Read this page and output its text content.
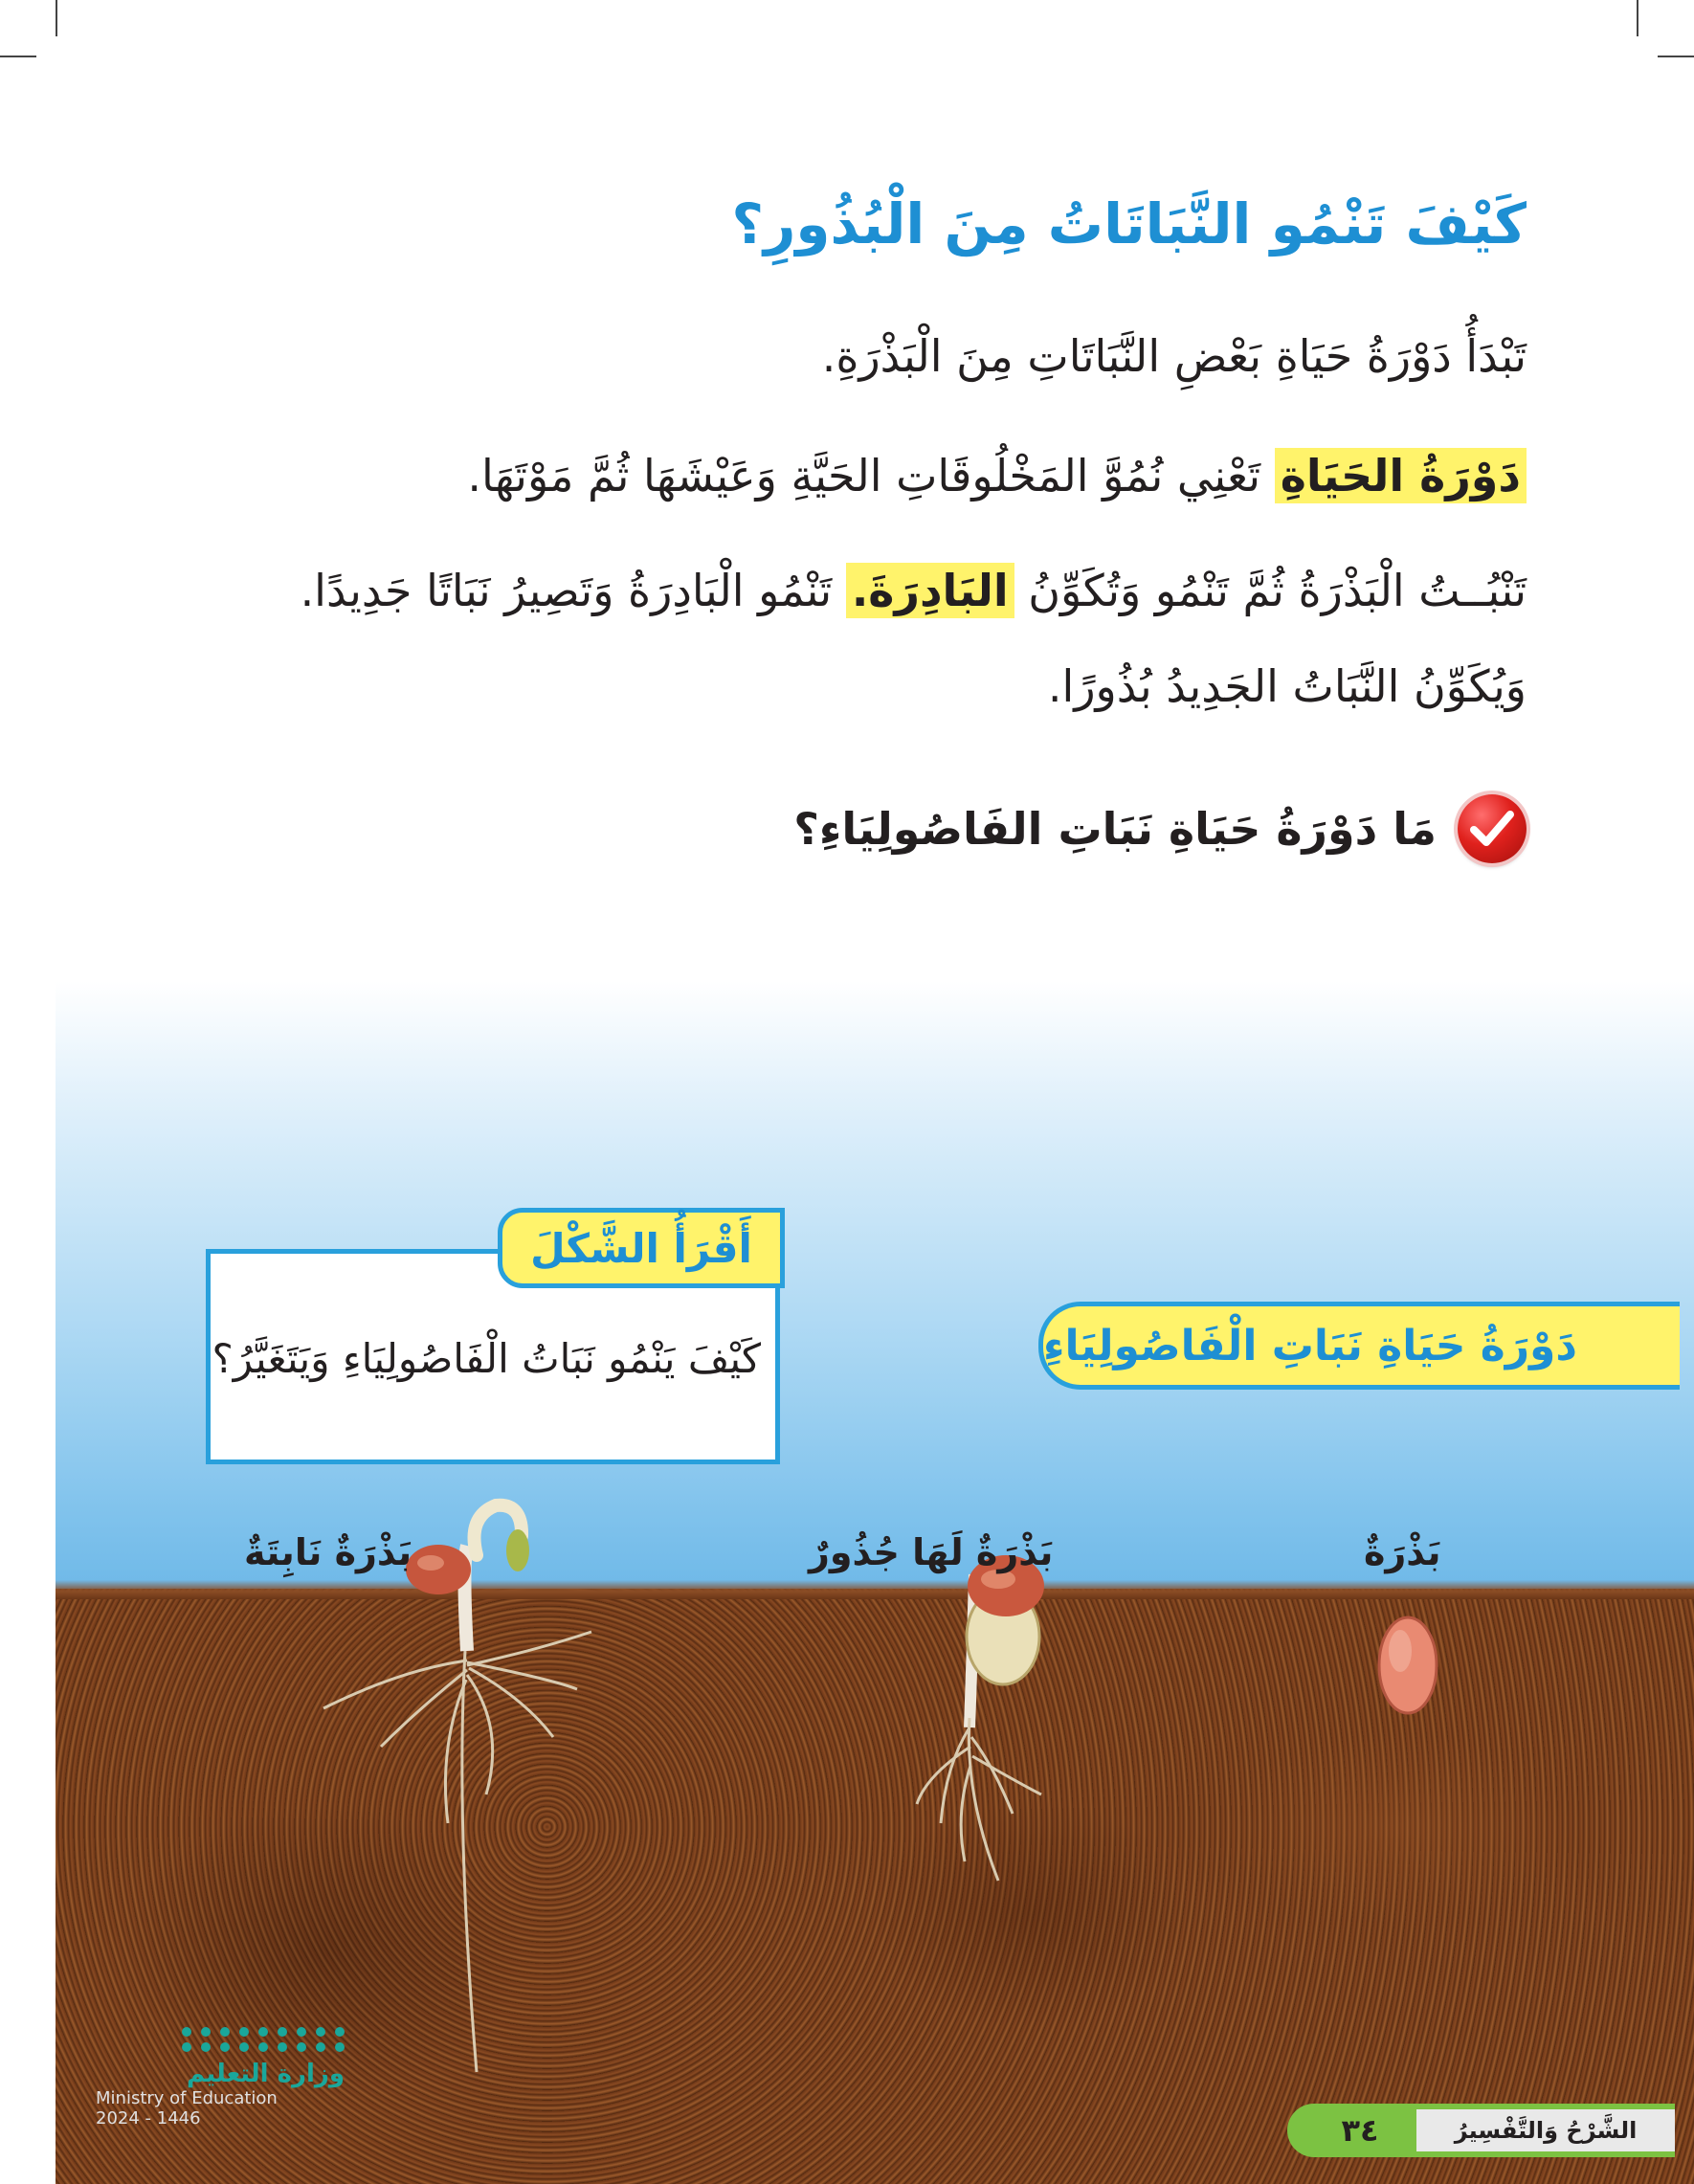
كَيْفَ تَنْمُو النَّبَاتَاتُ مِنَ الْبُذُورِ؟

تَبْدَأُ دَوْرَةُ حَيَاةِ بَعْضِ النَّبَاتَاتِ مِنَ الْبَذْرَةِ.

دَوْرَةُ الحَيَاةِ تَعْنِي نُمُوَّ المَخْلُوقَاتِ الحَيَّةِ وَعَيْشَهَا ثُمَّ مَوْتَهَا.

تَنْبُــتُ الْبَذْرَةُ ثُمَّ تَنْمُو وَتُكَوِّنُ البَادِرَةَ. تَنْمُو الْبَادِرَةُ وَتَصِيرُ نَبَاتًا جَدِيدًا.

وَيُكَوِّنُ النَّبَاتُ الجَدِيدُ بُذُورًا.

مَا دَوْرَةُ حَيَاةِ نَبَاتِ الفَاصُولِيَاءِ؟
أَقْرَأُ الشَّكْلَ
كَيْفَ يَنْمُو نَبَاتُ الْفَاصُولِيَاءِ وَيَتَغَيَّرُ؟	دَوْرَةُ حَيَاةِ نَبَاتِ الْفَاصُولِيَاءِ
بَذْرَةٌ
بَذْرَةٌ لَهَا جُذُورٌ
بَذْرَةٌ نَابِتَةٌ
وزارة التعليم
Ministry of Education
2024 - 1446	الشَّرْحُ وَالتَّفْسِيرُ
٣٤
